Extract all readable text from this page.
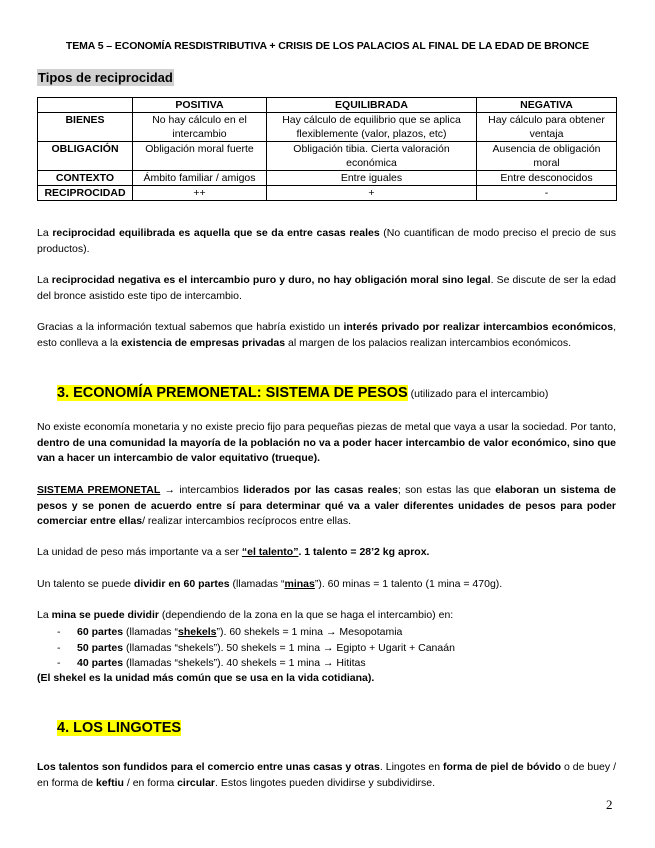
TEMA 5 – ECONOMÍA RESDISTRIBUTIVA + CRISIS DE LOS PALACIOS AL FINAL DE LA EDAD DE BRONCE
Tipos de reciprocidad
	POSITIVA	EQUILIBRADA	NEGATIVA
BIENES	No hay cálculo en el intercambio	Hay cálculo de equilibrio que se aplica flexiblemente (valor, plazos, etc)	Hay cálculo para obtener ventaja
OBLIGACIÓN	Obligación moral fuerte	Obligación tibia. Cierta valoración económica	Ausencia de obligación moral
CONTEXTO	Ámbito familiar / amigos	Entre iguales	Entre desconocidos
RECIPROCIDAD	++	+	-

La reciprocidad equilibrada es aquella que se da entre casas reales (No cuantifican de modo preciso el precio de sus productos).

La reciprocidad negativa es el intercambio puro y duro, no hay obligación moral sino legal. Se discute de ser la edad del bronce asistido este tipo de intercambio.

Gracias a la información textual sabemos que habría existido un interés privado por realizar intercambios económicos, esto conlleva a la existencia de empresas privadas al margen de los palacios realizan intercambios económicos.

3. ECONOMÍA PREMONETAL: SISTEMA DE PESOS (utilizado para el intercambio)

No existe economía monetaria y no existe precio fijo para pequeñas piezas de metal que vaya a usar la sociedad. Por tanto, dentro de una comunidad la mayoría de la población no va a poder hacer intercambio de valor económico, sino que van a hacer un intercambio de valor equitativo (trueque).

SISTEMA PREMONETAL → intercambios liderados por las casas reales; son estas las que elaboran un sistema de pesos y se ponen de acuerdo entre sí para determinar qué va a valer diferentes unidades de pesos para poder comerciar entre ellas/ realizar intercambios recíprocos entre ellas.

La unidad de peso más importante va a ser “el talento”. 1 talento = 28’2 kg aprox.

Un talento se puede dividir en 60 partes (llamadas “minas”). 60 minas = 1 talento (1 mina = 470g).

La mina se puede dividir (dependiendo de la zona en la que se haga el intercambio) en:

- 60 partes (llamadas “shekels”). 60 shekels = 1 mina → Mesopotamia
- 50 partes (llamadas “shekels”). 50 shekels = 1 mina → Egipto + Ugarit + Canaán
- 40 partes (llamadas “shekels”). 40 shekels = 1 mina → Hititas

(El shekel es la unidad más común que se usa en la vida cotidiana).

4. LOS LINGOTES

Los talentos son fundidos para el comercio entre unas casas y otras. Lingotes en forma de piel de bóvido o de buey / en forma de keftiu / en forma circular. Estos lingotes pueden dividirse y subdividirse.

2
